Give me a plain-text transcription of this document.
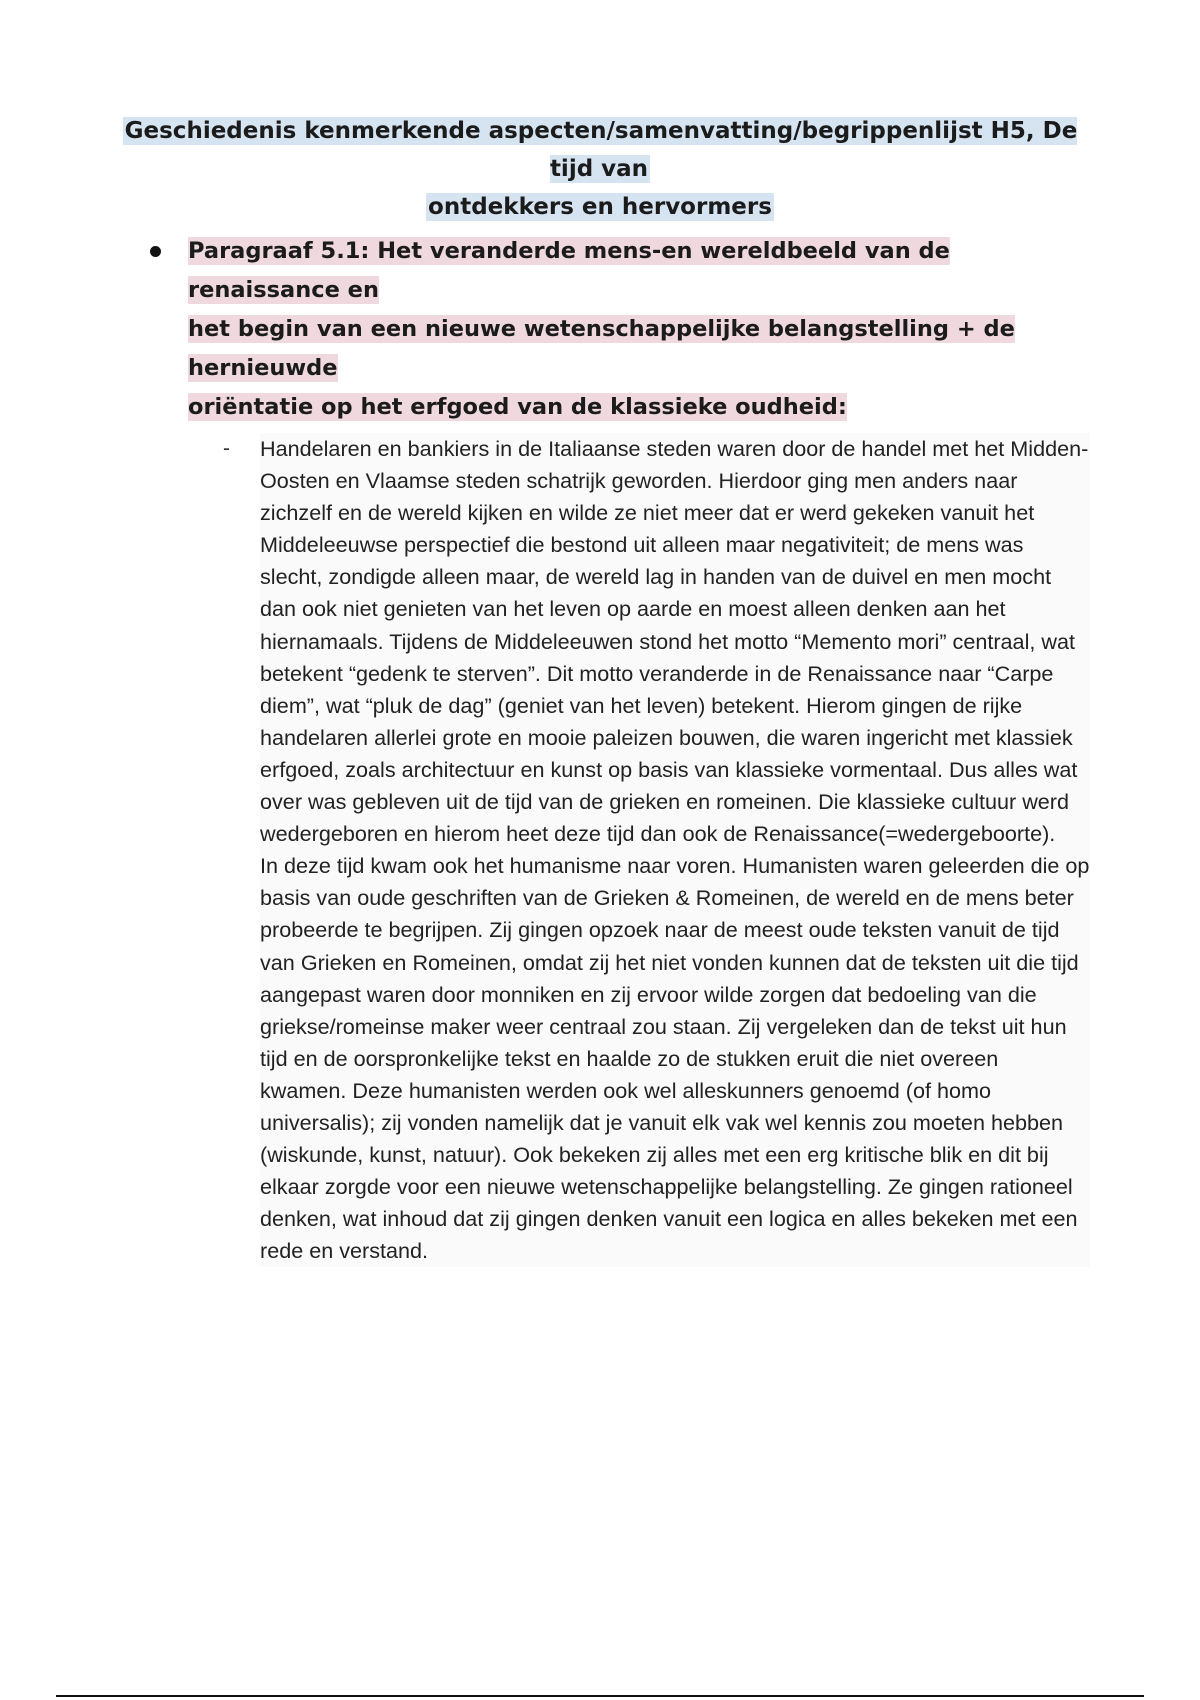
Geschiedenis kenmerkende aspecten/samenvatting/begrippenlijst H5, De tijd van
ontdekkers en hervormers
Paragraaf 5.1: Het veranderde mens-en wereldbeeld van de renaissance en
het begin van een nieuwe wetenschappelijke belangstelling + de hernieuwde
oriëntatie op het erfgoed van de klassieke oudheid:
- Handelaren en bankiers in de Italiaanse steden waren door de handel met het Midden-Oosten en Vlaamse steden schatrijk geworden. Hierdoor ging men anders naar zichzelf en de wereld kijken en wilde ze niet meer dat er werd gekeken vanuit het Middeleeuwse perspectief die bestond uit alleen maar negativiteit; de mens was slecht, zondigde alleen maar, de wereld lag in handen van de duivel en men mocht dan ook niet genieten van het leven op aarde en moest alleen denken aan het hiernamaals. Tijdens de Middeleeuwen stond het motto “Memento mori” centraal, wat betekent “gedenk te sterven”. Dit motto veranderde in de Renaissance naar “Carpe diem”, wat “pluk de dag” (geniet van het leven) betekent. Hierom gingen de rijke handelaren allerlei grote en mooie paleizen bouwen, die waren ingericht met klassiek erfgoed, zoals architectuur en kunst op basis van klassieke vormentaal. Dus alles wat over was gebleven uit de tijd van de grieken en romeinen. Die klassieke cultuur werd wedergeboren en hierom heet deze tijd dan ook de Renaissance(=wedergeboorte).

In deze tijd kwam ook het humanisme naar voren. Humanisten waren geleerden die op basis van oude geschriften van de Grieken & Romeinen, de wereld en de mens beter probeerde te begrijpen. Zij gingen opzoek naar de meest oude teksten vanuit de tijd van Grieken en Romeinen, omdat zij het niet vonden kunnen dat de teksten uit die tijd aangepast waren door monniken en zij ervoor wilde zorgen dat bedoeling van die griekse/romeinse maker weer centraal zou staan. Zij vergeleken dan de tekst uit hun tijd en de oorspronkelijke tekst en haalde zo de stukken eruit die niet overeen kwamen. Deze humanisten werden ook wel alleskunners genoemd (of homo universalis); zij vonden namelijk dat je vanuit elk vak wel kennis zou moeten hebben (wiskunde, kunst, natuur). Ook bekeken zij alles met een erg kritische blik en dit bij elkaar zorgde voor een nieuwe wetenschappelijke belangstelling. Ze gingen rationeel denken, wat inhoud dat zij gingen denken vanuit een logica en alles bekeken met een rede en verstand.
